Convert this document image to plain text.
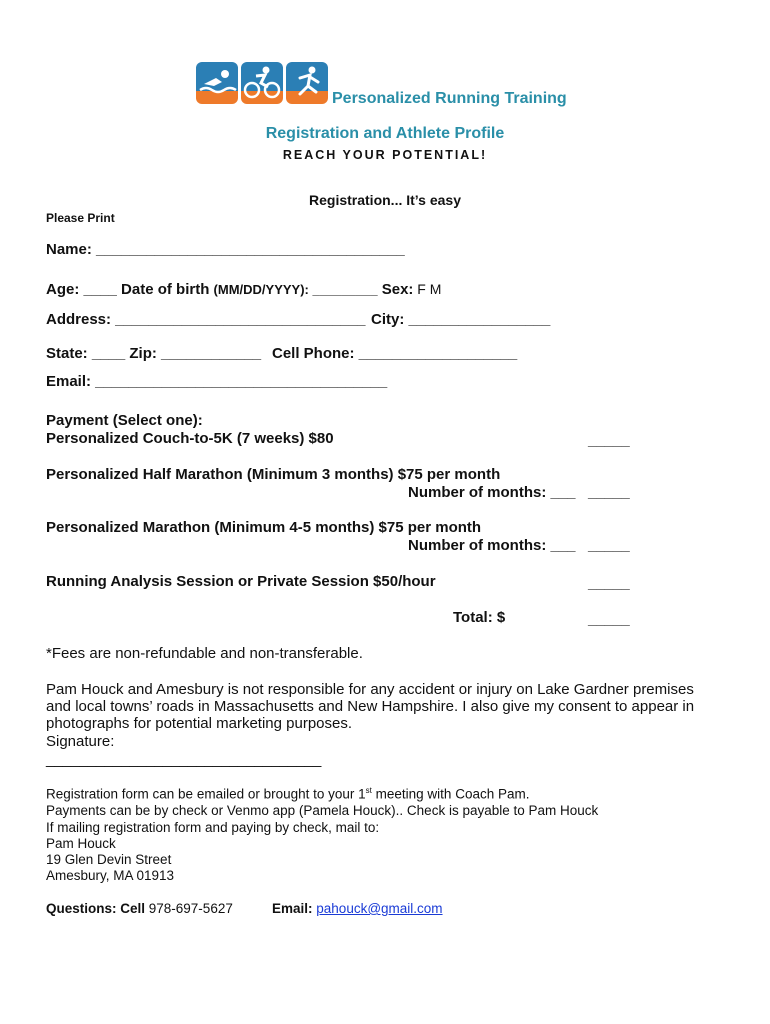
Personalized Running Training
Registration and Athlete Profile
REACH YOUR POTENTIAL!
Registration... It’s easy
Please Print
Name: _____________________________________
Age: ____ Date of birth (MM/DD/YYYY): _________ Sex: F M
Address: ______________________________ City: _________________
State: ____ Zip: ____________ Cell Phone: ___________________
Email: ___________________________________
Payment (Select one):
Personalized Couch-to-5K (7 weeks) $80	_____
Personalized Half Marathon (Minimum 3 months) $75 per month
Number of months: ___ _____
Personalized Marathon (Minimum 4-5 months) $75 per month
Number of months: ___ _____
Running Analysis Session or Private Session $50/hour	_____
Total: $	_____
*Fees are non-refundable and non-transferable.
Pam Houck and Amesbury is not responsible for any accident or injury on Lake Gardner premises
and local towns’ roads in Massachusetts and New Hampshire. I also give my consent to appear in
photographs for potential marketing purposes.
Signature:
_________________________________
Registration form can be emailed or brought to your 1st meeting with Coach Pam.
Payments can be by check or Venmo app (Pamela Houck).. Check is payable to Pam Houck
If mailing registration form and paying by check, mail to:
Pam Houck
19 Glen Devin Street
Amesbury, MA 01913
Questions: Cell 978-697-5627	Email: pahouck@gmail.com
